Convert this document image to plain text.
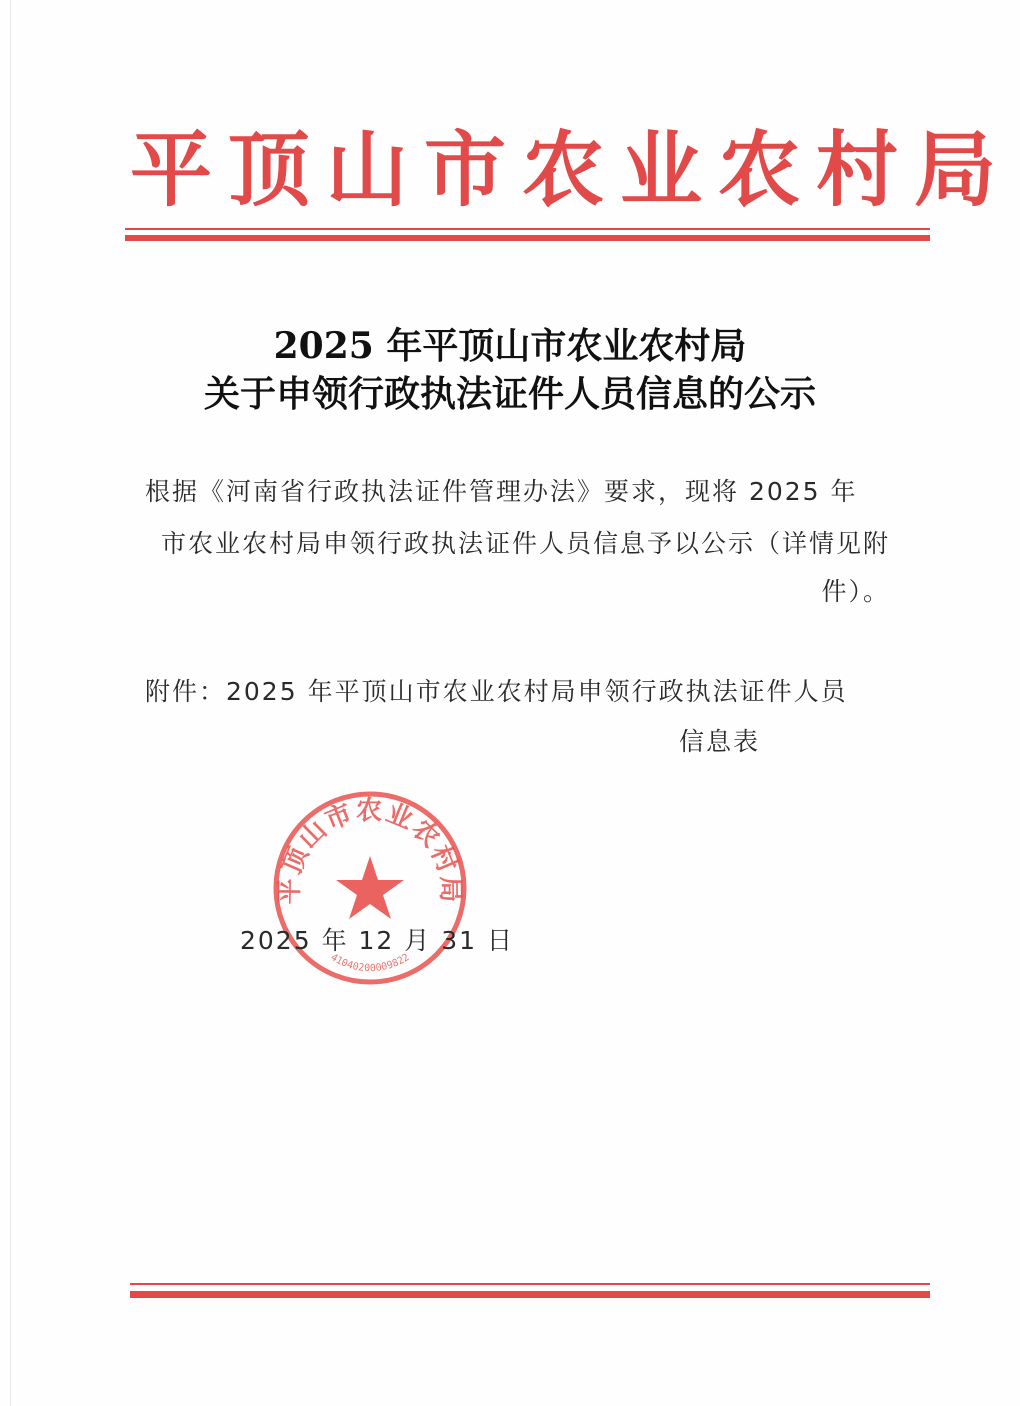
平顶山市农业农村局
2025 年平顶山市农业农村局
关于申领行政执法证件人员信息的公示
根据《河南省行政执法证件管理办法》要求，现将 2025 年
市农业农村局申领行政执法证件人员信息予以公示（详情见附
件）。
附件：2025 年平顶山市农业农村局申领行政执法证件人员
信息表
平顶山市农业农村局
41040200009822
2025 年 12 月 31 日
